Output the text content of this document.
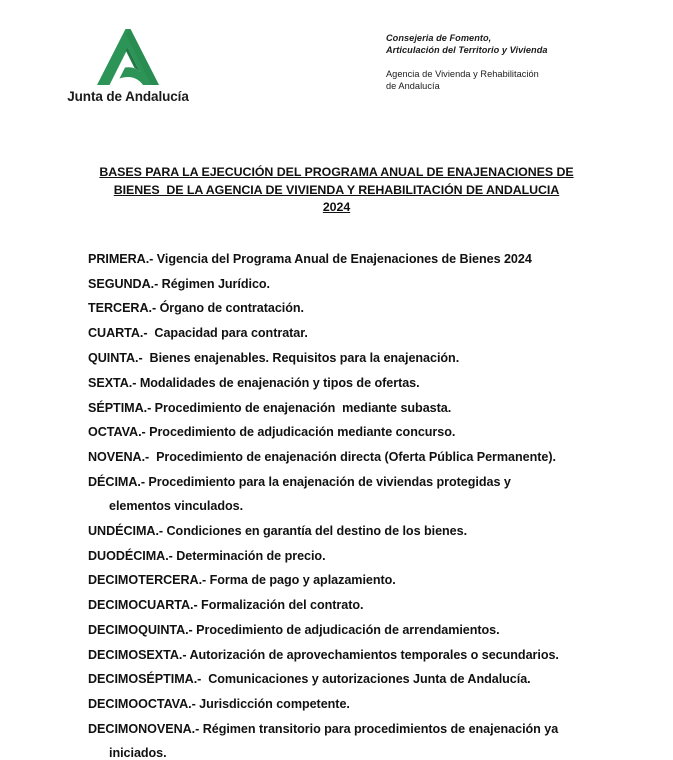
Junta de Andalucía
Consejeria de Fomento,
Articulación del Territorio y Vivienda
Agencia de Vivienda y Rehabilitación
de Andalucía
BASES PARA LA EJECUCIÓN DEL PROGRAMA ANUAL DE ENAJENACIONES DE
BIENES  DE LA AGENCIA DE VIVIENDA Y REHABILITACIÓN DE ANDALUCIA
2024
PRIMERA.- Vigencia del Programa Anual de Enajenaciones de Bienes 2024
SEGUNDA.- Régimen Jurídico.
TERCERA.- Órgano de contratación.
CUARTA.-  Capacidad para contratar.
QUINTA.-  Bienes enajenables. Requisitos para la enajenación.
SEXTA.- Modalidades de enajenación y tipos de ofertas.
SÉPTIMA.- Procedimiento de enajenación  mediante subasta.
OCTAVA.- Procedimiento de adjudicación mediante concurso.
NOVENA.-  Procedimiento de enajenación directa (Oferta Pública Permanente).
DÉCIMA.- Procedimiento para la enajenación de viviendas protegidas y
elementos vinculados.
UNDÉCIMA.- Condiciones en garantía del destino de los bienes.
DUODÉCIMA.- Determinación de precio.
DECIMOTERCERA.- Forma de pago y aplazamiento.
DECIMOCUARTA.- Formalización del contrato.
DECIMOQUINTA.- Procedimiento de adjudicación de arrendamientos.
DECIMOSEXTA.- Autorización de aprovechamientos temporales o secundarios.
DECIMOSÉPTIMA.-  Comunicaciones y autorizaciones Junta de Andalucía.
DECIMOOCTAVA.- Jurisdicción competente.
DECIMONOVENA.- Régimen transitorio para procedimientos de enajenación ya
iniciados.
